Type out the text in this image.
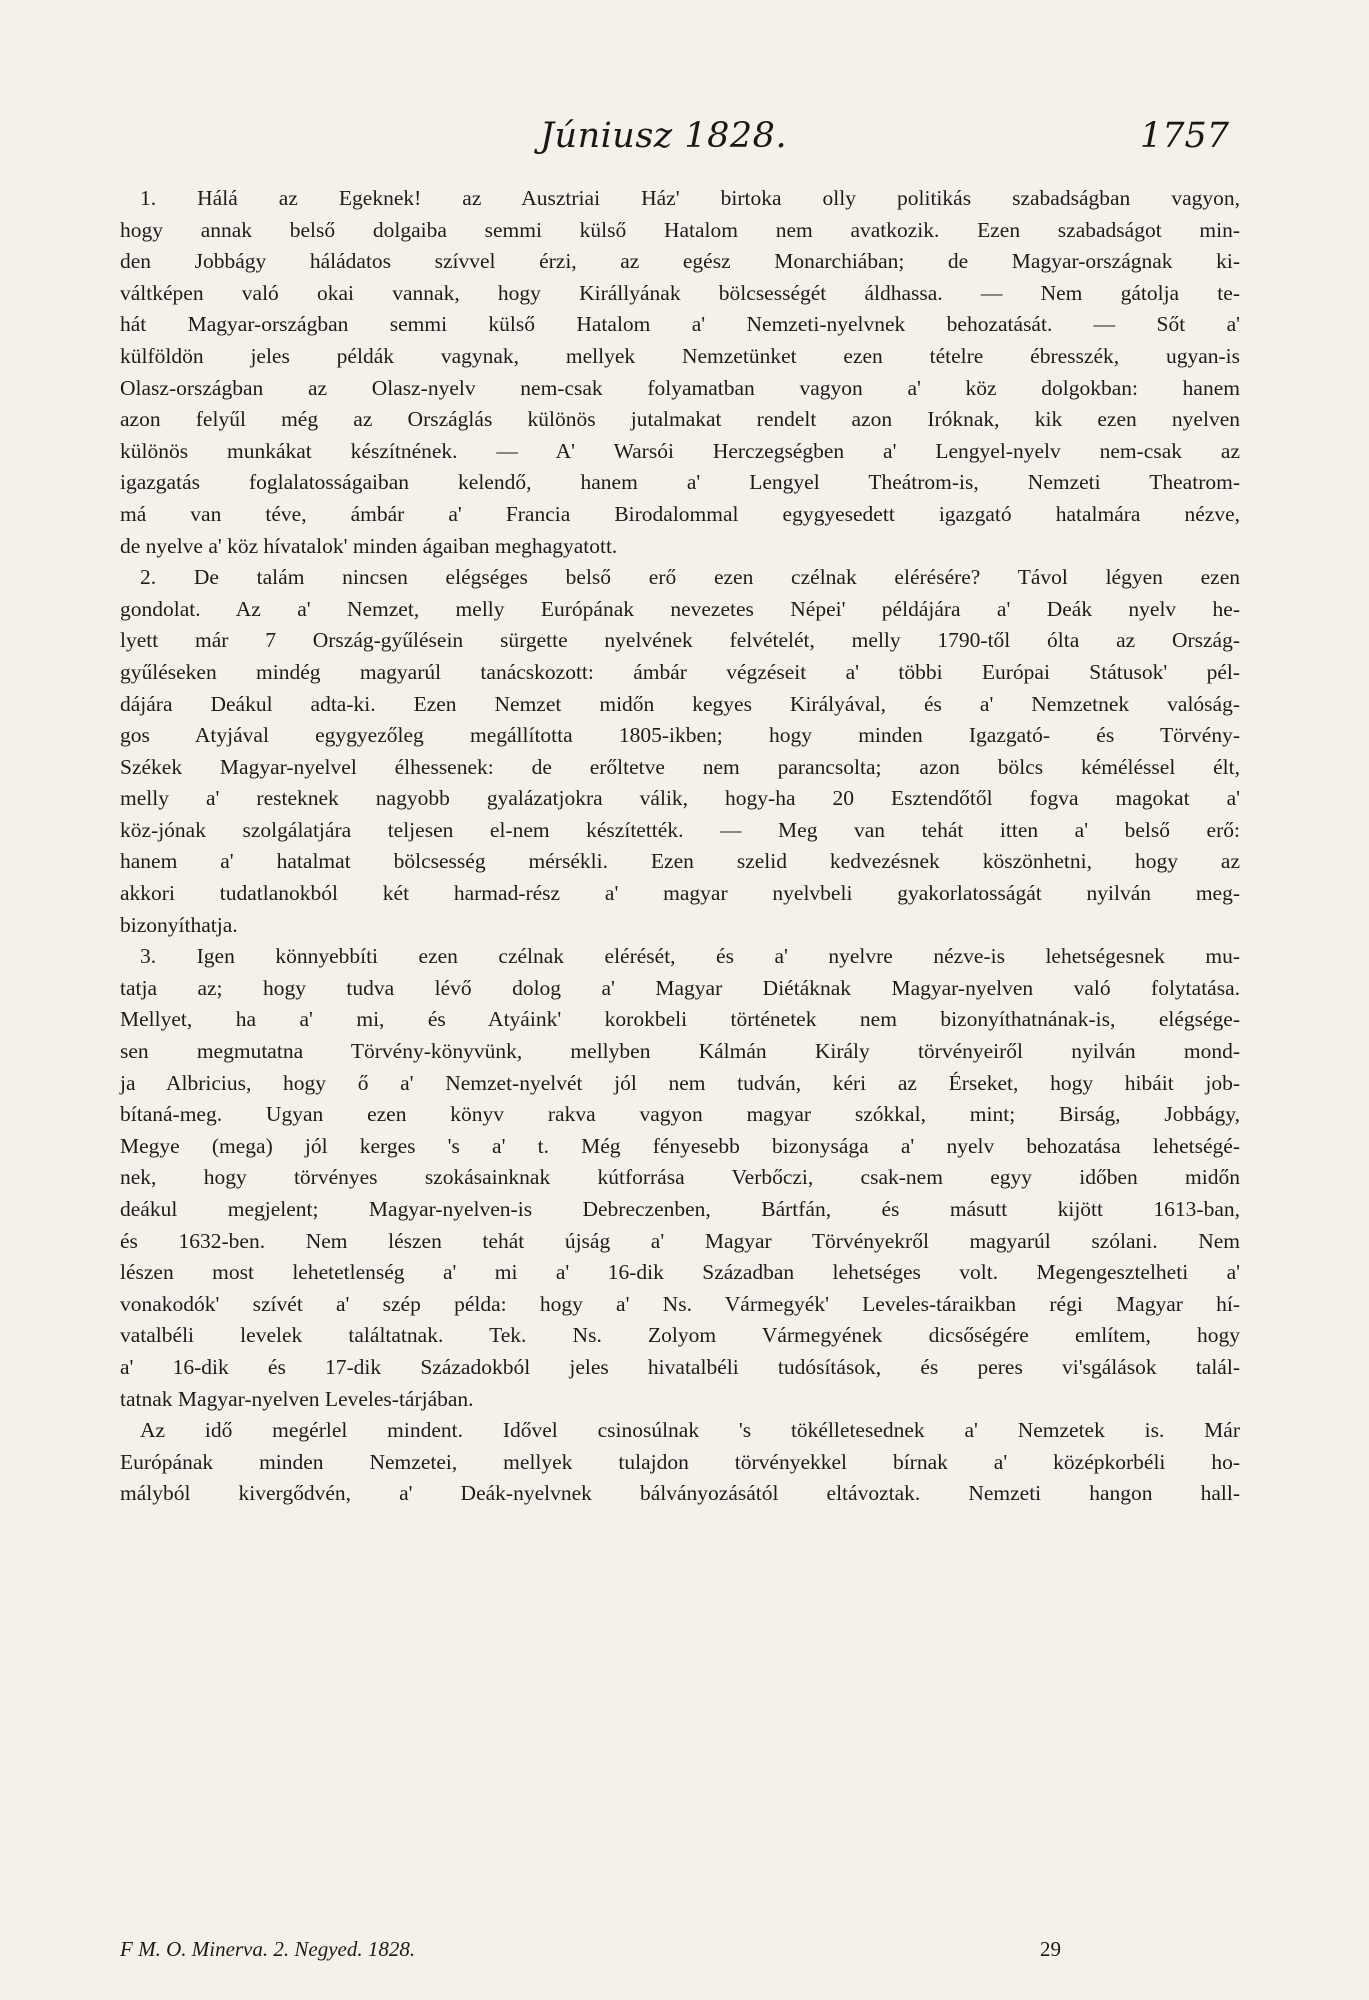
Júniusz 1828.	1757
1. Hálá az Egeknek! az Ausztriai Ház' birtoka olly politikás szabadságban vagyon,
hogy annak belső dolgaiba semmi külső Hatalom nem avatkozik. Ezen szabadságot min-
den Jobbágy háládatos szívvel érzi, az egész Monarchiában; de Magyar-országnak ki-
váltképen való okai vannak, hogy Királlyának bölcsességét áldhassa. — Nem gátolja te-
hát Magyar-országban semmi külső Hatalom a' Nemzeti-nyelvnek behozatását. — Sőt a'
külföldön jeles példák vagynak, mellyek Nemzetünket ezen tételre ébresszék, ugyan-is
Olasz-országban az Olasz-nyelv nem-csak folyamatban vagyon a' köz dolgokban: hanem
azon felyűl még az Országlás különös jutalmakat rendelt azon Iróknak, kik ezen nyelven
különös munkákat készítnének. — A' Warsói Herczegségben a' Lengyel-nyelv nem-csak az
igazgatás foglalatosságaiban kelendő, hanem a' Lengyel Theátrom-is, Nemzeti Theatrom-
má van téve, ámbár a' Francia Birodalommal egygyesedett igazgató hatalmára nézve,
de nyelve a' köz hívatalok' minden ágaiban meghagyatott.
2. De talám nincsen elégséges belső erő ezen czélnak elérésére? Távol légyen ezen
gondolat. Az a' Nemzet, melly Európának nevezetes Népei' példájára a' Deák nyelv he-
lyett már 7 Ország-gyűlésein sürgette nyelvének felvételét, melly 1790-től ólta az Ország-
gyűléseken mindég magyarúl tanácskozott: ámbár végzéseit a' többi Európai Státusok' pél-
dájára Deákul adta-ki. Ezen Nemzet midőn kegyes Királyával, és a' Nemzetnek valóság-
gos Atyjával egygyezőleg megállította 1805-ikben; hogy minden Igazgató- és Törvény-
Székek Magyar-nyelvel élhessenek: de erőltetve nem parancsolta; azon bölcs kéméléssel élt,
melly a' resteknek nagyobb gyalázatjokra válik, hogy-ha 20 Esztendőtől fogva magokat a'
köz-jónak szolgálatjára teljesen el-nem készítették. — Meg van tehát itten a' belső erő:
hanem a' hatalmat bölcsesség mérsékli. Ezen szelid kedvezésnek köszönhetni, hogy az
akkori tudatlanokból két harmad-rész a' magyar nyelvbeli gyakorlatosságát nyilván meg-
bizonyíthatja.
3. Igen könnyebbíti ezen czélnak elérését, és a' nyelvre nézve-is lehetségesnek mu-
tatja az; hogy tudva lévő dolog a' Magyar Diétáknak Magyar-nyelven való folytatása.
Mellyet, ha a' mi, és Atyáink' korokbeli történetek nem bizonyíthatnának-is, elégsége-
sen megmutatna Törvény-könyvünk, mellyben Kálmán Király törvényeiről nyilván mond-
ja Albricius, hogy ő a' Nemzet-nyelvét jól nem tudván, kéri az Érseket, hogy hibáit job-
bítaná-meg. Ugyan ezen könyv rakva vagyon magyar szókkal, mint; Birság, Jobbágy,
Megye (mega) jól kerges 's a' t. Még fényesebb bizonysága a' nyelv behozatása lehetségé-
nek, hogy törvényes szokásainknak kútforrása Verbőczi, csak-nem egyy időben midőn
deákul megjelent; Magyar-nyelven-is Debreczenben, Bártfán, és másutt kijött 1613-ban,
és 1632-ben. Nem lészen tehát újság a' Magyar Törvényekről magyarúl szólani. Nem
lészen most lehetetlenség a' mi a' 16-dik Században lehetséges volt. Megengesztelheti a'
vonakodók' szívét a' szép példa: hogy a' Ns. Vármegyék' Leveles-táraikban régi Magyar hí-
vatalbéli levelek találtatnak. Tek. Ns. Zolyom Vármegyének dicsőségére említem, hogy
a' 16-dik és 17-dik Századokból jeles hivatalbéli tudósítások, és peres vi'sgálások talál-
tatnak Magyar-nyelven Leveles-tárjában.
Az idő megérlel mindent. Idővel csinosúlnak 's tökélletesednek a' Nemzetek is. Már
Európának minden Nemzetei, mellyek tulajdon törvényekkel bírnak a' középkorbéli ho-
mályból kivergődvén, a' Deák-nyelvnek bálványozásától eltávoztak. Nemzeti hangon hall-
F M. O. Minerva. 2. Negyed. 1828.	29
